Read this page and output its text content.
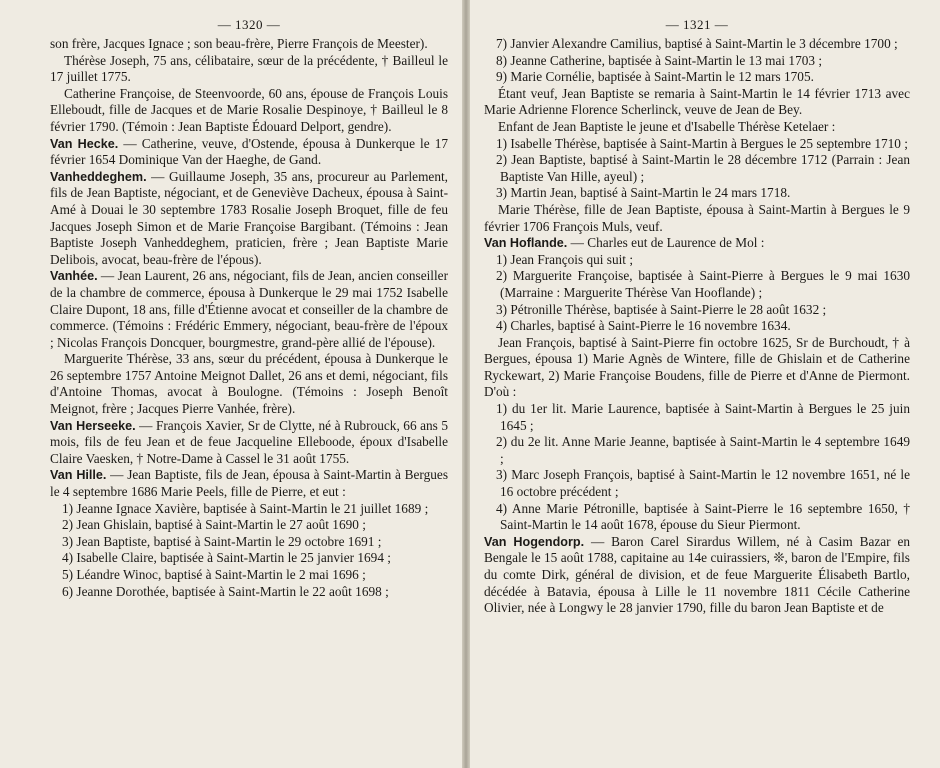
— 1320 —

son frère, Jacques Ignace ; son beau-frère, Pierre François de Meester).

Thérèse Joseph, 75 ans, célibataire, sœur de la précédente, † Bailleul le 17 juillet 1775.

Catherine Françoise, de Steenvoorde, 60 ans, épouse de François Louis Elleboudt, fille de Jacques et de Marie Rosalie Despinoye, † Bailleul le 8 février 1790. (Témoin : Jean Baptiste Édouard Delport, gendre).

Van Hecke. — Catherine, veuve, d'Ostende, épousa à Dunkerque le 17 février 1654 Dominique Van der Haeghe, de Gand.

Vanheddeghem. — Guillaume Joseph, 35 ans, procureur au Parlement, fils de Jean Baptiste, négociant, et de Geneviève Dacheux, épousa à Saint-Amé à Douai le 30 septembre 1783 Rosalie Joseph Broquet, fille de feu Jacques Joseph Simon et de Marie Françoise Bargibant. (Témoins : Jean Baptiste Joseph Vanheddeghem, praticien, frère ; Jean Baptiste Marie Delibois, avocat, beau-frère de l'épous).

Vanhée. — Jean Laurent, 26 ans, négociant, fils de Jean, ancien conseiller de la chambre de commerce, épousa à Dunkerque le 29 mai 1752 Isabelle Claire Dupont, 18 ans, fille d'Étienne avocat et conseiller de la chambre de commerce. (Témoins : Frédéric Emmery, négociant, beau-frère de l'époux ; Nicolas François Doncquer, bourgmestre, grand-père allié de l'épouse).

Marguerite Thérèse, 33 ans, sœur du précédent, épousa à Dunkerque le 26 septembre 1757 Antoine Meignot Dallet, 26 ans et demi, négociant, fils d'Antoine Thomas, avocat à Boulogne. (Témoins : Joseph Benoît Meignot, frère ; Jacques Pierre Vanhée, frère).

Van Herseeke. — François Xavier, Sr de Clytte, né à Rubrouck, 66 ans 5 mois, fils de feu Jean et de feue Jacqueline Elleboode, époux d'Isabelle Claire Vaesken, † Notre-Dame à Cassel le 31 août 1755.

Van Hille. — Jean Baptiste, fils de Jean, épousa à Saint-Martin à Bergues le 4 septembre 1686 Marie Peels, fille de Pierre, et eut :

1) Jeanne Ignace Xavière, baptisée à Saint-Martin le 21 juillet 1689 ;

2) Jean Ghislain, baptisé à Saint-Martin le 27 août 1690 ;

3) Jean Baptiste, baptisé à Saint-Martin le 29 octobre 1691 ;

4) Isabelle Claire, baptisée à Saint-Martin le 25 janvier 1694 ;

5) Léandre Winoc, baptisé à Saint-Martin le 2 mai 1696 ;

6) Jeanne Dorothée, baptisée à Saint-Martin le 22 août 1698 ;

— 1321 —

7) Janvier Alexandre Camilius, baptisé à Saint-Martin le 3 décembre 1700 ;

8) Jeanne Catherine, baptisée à Saint-Martin le 13 mai 1703 ;

9) Marie Cornélie, baptisée à Saint-Martin le 12 mars 1705.

Étant veuf, Jean Baptiste se remaria à Saint-Martin le 14 février 1713 avec Marie Adrienne Florence Scherlinck, veuve de Jean de Bey.

Enfant de Jean Baptiste le jeune et d'Isabelle Thérèse Ketelaer :

1) Isabelle Thérèse, baptisée à Saint-Martin à Bergues le 25 septembre 1710 ;

2) Jean Baptiste, baptisé à Saint-Martin le 28 décembre 1712 (Parrain : Jean Baptiste Van Hille, ayeul) ;

3) Martin Jean, baptisé à Saint-Martin le 24 mars 1718.

Marie Thérèse, fille de Jean Baptiste, épousa à Saint-Martin à Bergues le 9 février 1706 François Muls, veuf.

Van Hoflande. — Charles eut de Laurence de Mol :

1) Jean François qui suit ;

2) Marguerite Françoise, baptisée à Saint-Pierre à Bergues le 9 mai 1630 (Marraine : Marguerite Thérèse Van Hooflande) ;

3) Pétronille Thérèse, baptisée à Saint-Pierre le 28 août 1632 ;

4) Charles, baptisé à Saint-Pierre le 16 novembre 1634.

Jean François, baptisé à Saint-Pierre fin octobre 1625, Sr de Burchoudt, † à Bergues, épousa 1) Marie Agnès de Wintere, fille de Ghislain et de Catherine Ryckewart, 2) Marie Françoise Boudens, fille de Pierre et d'Anne de Piermont. D'où :

1) du 1er lit. Marie Laurence, baptisée à Saint-Martin à Bergues le 25 juin 1645 ;

2) du 2e lit. Anne Marie Jeanne, baptisée à Saint-Martin le 4 septembre 1649 ;

3) Marc Joseph François, baptisé à Saint-Martin le 12 novembre 1651, né le 16 octobre précédent ;

4) Anne Marie Pétronille, baptisée à Saint-Pierre le 16 septembre 1650, † Saint-Martin le 14 août 1678, épouse du Sieur Piermont.

Van Hogendorp. — Baron Carel Sirardus Willem, né à Casim Bazar en Bengale le 15 août 1788, capitaine au 14e cuirassiers, ❊, baron de l'Empire, fils du comte Dirk, général de division, et de feue Marguerite Élisabeth Bartlo, décédée à Batavia, épousa à Lille le 11 novembre 1811 Cécile Catherine Olivier, née à Longwy le 28 janvier 1790, fille du baron Jean Baptiste et de
